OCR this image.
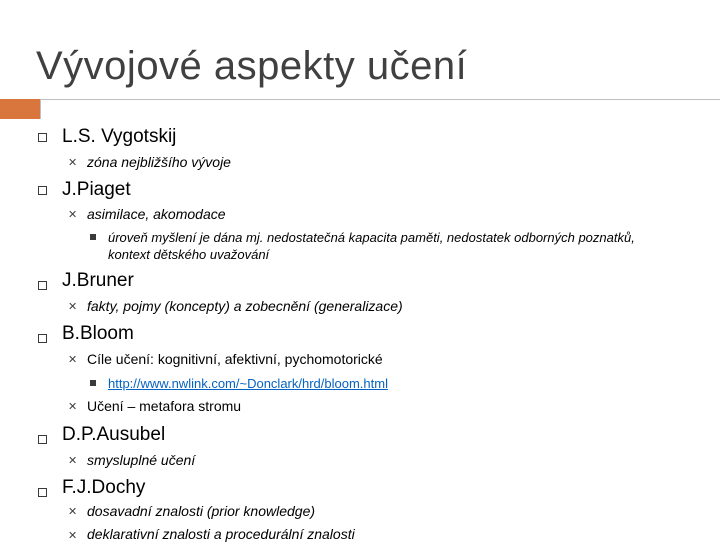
Vývojové aspekty učení
L.S. Vygotskij
✕ zóna nejbližšího vývoje
J.Piaget
✕ asimilace, akomodace
úroveň myšlení je dána mj. nedostatečná kapacita paměti, nedostatek odborných poznatků, kontext dětského uvažování
J.Bruner
✕ fakty, pojmy (koncepty) a zobecnění (generalizace)
B.Bloom
✕ Cíle učení: kognitivní, afektivní, pychomotorické
http://www.nwlink.com/~Donclark/hrd/bloom.html
✕ Učení – metafora stromu
D.P.Ausubel
✕ smysluplné učení
F.J.Dochy
✕ dosavadní znalosti (prior knowledge)
✕ deklarativní znalosti a procedurální znalosti
